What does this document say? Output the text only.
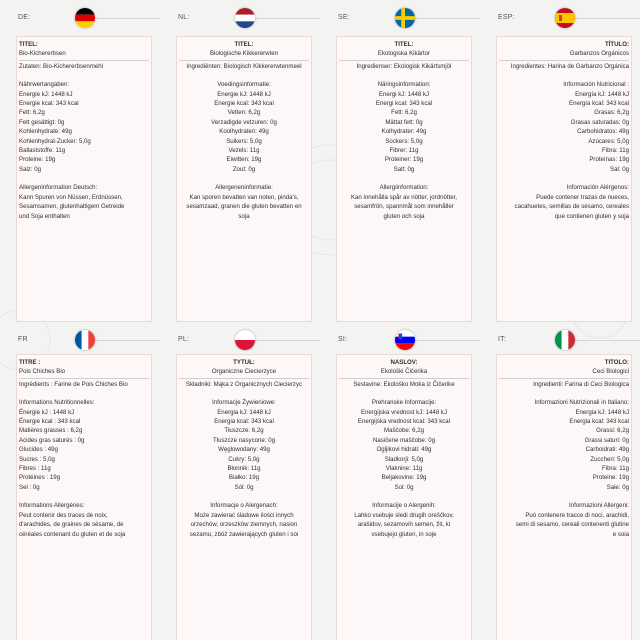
DE:
TITEL:
Bio-Kichererbsen
Zutaten: Bio-Kichererbsenmehl
Nährwertangaben:
Energie kJ: 1448 kJ
Energie kcal: 343 kcal
Fett: 6,2g
Fett gesättigt: 0g
Kohlenhydrate: 49g
Kohlenhydrat-Zucker: 5,0g
Ballaststoffe: 11g
Proteine: 19g
Salz: 0g
Allergeninformation Deutsch:
Kann Spuren von Nüssen, Erdnüssen,
Sesamsamen, glutenhaltigem Getreide
und Soja enthalten
NL:
TITEL:
Biologische Kikkererwten
Ingrediënten: Biologisch Kikkererwtenmeel
Voedingsinformatie:
Energie kJ: 1448 kJ
Energie kcal: 343 kcal
Vetten: 6,2g
Verzadigde vetzuren: 0g
Koolhydraten: 49g
Suikers: 5,0g
Vezels: 11g
Eiwitten: 19g
Zout: 0g
Allergeneninformatie:
Kan sporen bevatten van noten, pinda's,
sesamzaad, granen die gluten bevatten en
soja
SE:
TITEL:
Ekologiska Kikärtor
Ingredienser: Ekologisk Kikärtsmjöl
Näringsinformation:
Energi kJ: 1448 kJ
Energi kcal: 343 kcal
Fett: 6,2g
Mättat fett: 0g
Kolhydrater: 49g
Sockers: 5,0g
Fibrer: 11g
Proteiner: 19g
Salt: 0g
Allergiinformation:
Kan innehålla spår av nötter, jordnötter,
sesamfrön, spannmål som innehåller
gluten och soja
ESP:
TÍTULO:
Garbanzos Orgánicos
Ingredientes: Harina de Garbanzo Orgánica
Información Nutricional :
Energía kJ: 1448 kJ
Energía kcal: 343 kcal
Grasas: 6,2g
Grasas saturadas: 0g
Carbohidratos: 49g
Azúcares: 5,0g
Fibra: 11g
Proteínas: 19g
Sal: 0g
Información Alérgenos:
Puede contener trazas de nueces,
cacahuetes, semillas de sésamo, cereales
que contienen gluten y soja
FR
TITRE :
Pois Chiches Bio
Ingrédients : Farine de Pois Chiches Bio
Informations Nutritionnelles:
Énergie kJ : 1448 kJ
Énergie kcal : 343 kcal
Matières grasses : 6,2g
Acides gras saturés : 0g
Glucides : 49g
Sucres : 5,0g
Fibres : 11g
Protéines : 19g
Sel : 0g
Informations Allergènes:
Peut contenir des traces de noix,
d'arachides, de graines de sésame, de
céréales contenant du gluten et de soja
PL:
TYTUŁ:
Organiczne Ciecierzyce
Składniki: Mąka z Organicznych Ciecierzyc
Informacje Żywieniowe:
Energia kJ: 1448 kJ
Energia kcal: 343 kcal
Tłuszcze: 6,2g
Tłuszcze nasycone: 0g
Węglowodany: 49g
Cukry: 5,0g
Błonnik: 11g
Białko: 19g
Sól: 0g
Informacje o Alergenach:
Może zawierać śladowe ilości innych
orzechów, orzeszków ziemnych, nasion
sezamu, zbóż zawierających gluten i soi
SI:
NASLOV:
Ekološki Čičerika
Sestavine: Ekološko Moka iz Čičerike
Prehranske Informacije:
Energijska vrednost kJ: 1448 kJ
Energijska vrednost kcal: 343 kcal
Maščobe: 6,2g
Nasičene maščobe: 0g
Ogljikovi hidrati: 49g
Sladkorji: 5,0g
Vlaknine: 11g
Beljakovine: 19g
Sol: 0g
Informacije o Alergenih:
Lahko vsebuje sledi drugih oreščkov,
arašidov, sezamovih semen, žit, ki
vsebujejo gluten, in soje
IT:
TITOLO:
Ceci Biologici
Ingredienti: Farina di Ceci Biologica
Informazioni Nutrizionali in Italiano:
Energia kJ: 1448 kJ
Energia kcal: 343 kcal
Grassi: 6,2g
Grassi saturi: 0g
Carboidrati: 49g
Zuccheri: 5,0g
Fibra: 11g
Proteine: 19g
Sale: 0g
Informazioni Allergeni:
Può contenere tracce di noci, arachidi,
semi di sesamo, cereali contenenti glutine
e soia
